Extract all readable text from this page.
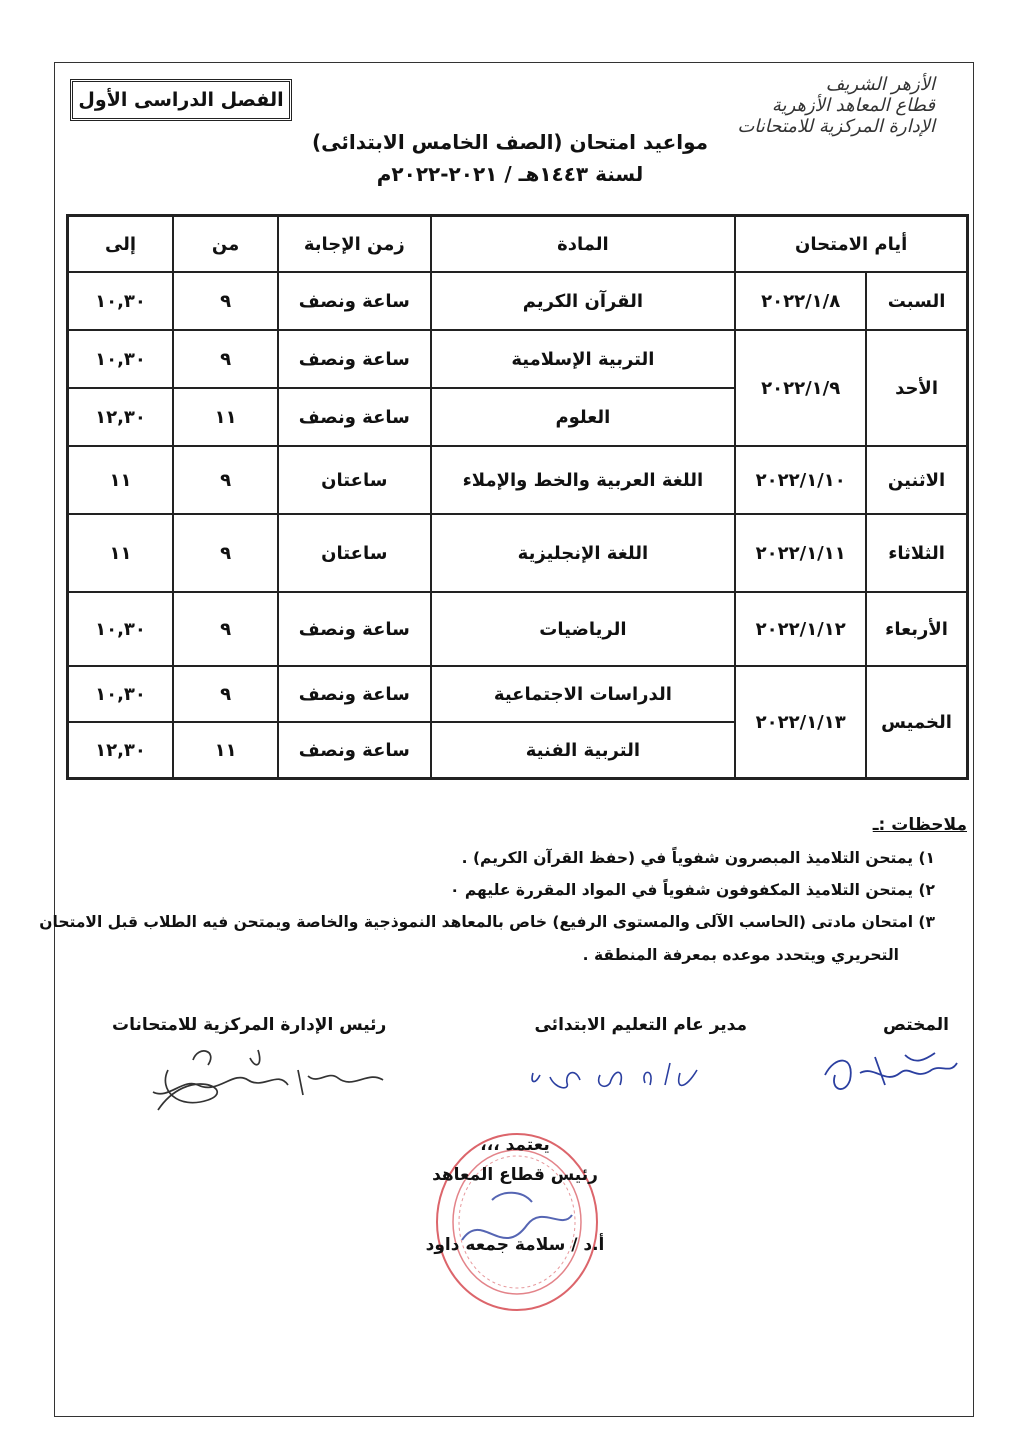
الأزهر الشريف
قطاع المعاهد الأزهرية
الإدارة المركزية للامتحانات
الفصل الدراسى الأول
مواعيد امتحان (الصف الخامس الابتدائى)
لسنة ١٤٤٣هـ / ٢٠٢١-٢٠٢٢م
أيام الامتحان		المادة	زمن الإجابة	من	إلى
السبت	٢٠٢٢/١/٨	القرآن الكريم	ساعة ونصف	٩	١٠,٣٠
الأحد	٢٠٢٢/١/٩	التربية الإسلامية	ساعة ونصف	٩	١٠,٣٠
		العلوم	ساعة ونصف	١١	١٢,٣٠
الاثنين	٢٠٢٢/١/١٠	اللغة العربية والخط والإملاء	ساعتان	٩	١١
الثلاثاء	٢٠٢٢/١/١١	اللغة الإنجليزية	ساعتان	٩	١١
الأربعاء	٢٠٢٢/١/١٢	الرياضيات	ساعة ونصف	٩	١٠,٣٠
الخميس	٢٠٢٢/١/١٣	الدراسات الاجتماعية	ساعة ونصف	٩	١٠,٣٠
		التربية الفنية	ساعة ونصف	١١	١٢,٣٠
ملاحظات :ـ
١) يمتحن التلاميذ المبصرون شفوياً في (حفظ القرآن الكريم) .
٢) يمتحن التلاميذ المكفوفون شفوياً في المواد المقررة عليهم ٠
٣) امتحان مادتى (الحاسب الآلى والمستوى الرفيع) خاص بالمعاهد النموذجية والخاصة ويمتحن فيه الطلاب قبل الامتحان
التحريري ويتحدد موعده بمعرفة المنطقة .
المختص
مدير عام التعليم الابتدائى
رئيس الإدارة المركزية للامتحانات
يعتمد ،،،
رئيس قطاع المعاهد
أ.د / سلامة جمعه داود
